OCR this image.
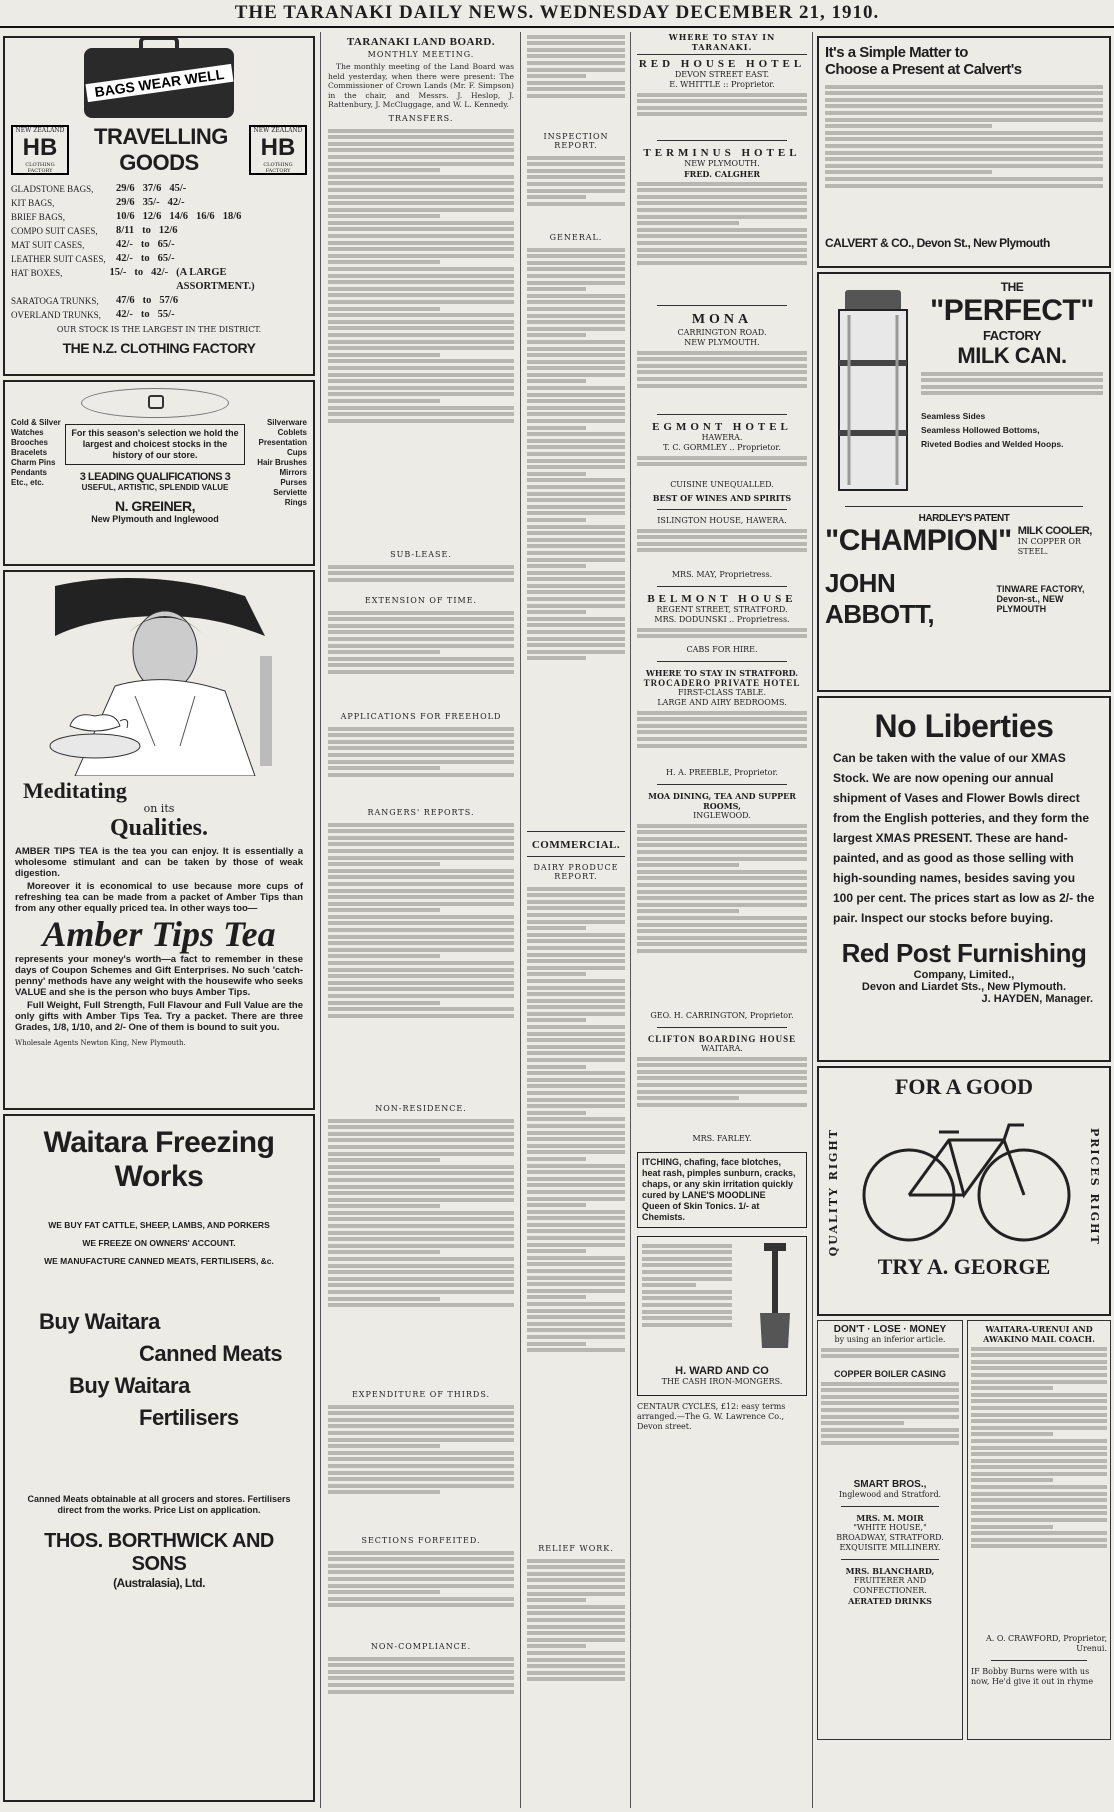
THE TARANAKI DAILY NEWS. WEDNESDAY DECEMBER 21, 1910.
BAGS WEAR WELL
NEW ZEALAND
HB
CLOTHING FACTORY
TRAVELLING GOODS
NEW ZEALAND
HB
CLOTHING FACTORY
GLADSTONE BAGS,	29/6 37/6 45/-
KIT BAGS,	29/6 35/- 42/-
BRIEF BAGS,	10/6 12/6 14/6 16/6 18/6
COMPO SUIT CASES,	8/11 to 12/6
MAT SUIT CASES,	42/- to 65/-
LEATHER SUIT CASES, 42/- to 65/-
HAT BOXES,	15/- to 42/- (A LARGE ASSORTMENT.)
SARATOGA TRUNKS,	47/6 to 57/6
OVERLAND TRUNKS,	42/- to 55/-
OUR STOCK IS THE LARGEST IN THE DISTRICT.
THE N.Z. CLOTHING FACTORY
Cold & Silver
Watches
Brooches
Bracelets
Charm Pins
Pendants
Etc., etc.
For this season's selection we hold the largest and choicest stocks in the history of our store.
3 LEADING QUALIFICATIONS 3
USEFUL, ARTISTIC, SPLENDID VALUE
N. GREINER,
New Plymouth and Inglewood
Silverware
Coblets
Presentation
Cups
Hair Brushes
Mirrors
Purses
Serviette
Rings
Meditating
on its
Qualities.
AMBER TIPS TEA is the tea you can enjoy. It is essentially a wholesome stimulant and can be taken by those of weak digestion.
Moreover it is economical to use because more cups of refreshing tea can be made from a packet of Amber Tips than from any other equally priced tea. In other ways too—
Amber Tips Tea
represents your money's worth—a fact to remember in these days of Coupon Schemes and Gift Enterprises. No such 'catch-penny' methods have any weight with the housewife who seeks VALUE and she is the person who buys Amber Tips.
Full Weight, Full Strength, Full Flavour and Full Value are the only gifts with Amber Tips Tea. Try a packet. There are three Grades, 1/8, 1/10, and 2/- One of them is bound to suit you.
Wholesale Agents Newton King, New Plymouth.
Waitara Freezing
Works
WE BUY FAT CATTLE, SHEEP, LAMBS, AND PORKERS
WE FREEZE ON OWNERS' ACCOUNT.
WE MANUFACTURE CANNED MEATS, FERTILISERS, &c.
Buy Waitara
Canned Meats
Buy Waitara
Fertilisers
Canned Meats obtainable at all grocers and stores. Fertilisers direct from the works. Price List on application.
THOS. BORTHWICK AND SONS
(Australasia), Ltd.
TARANAKI LAND BOARD.
MONTHLY MEETING.
The monthly meeting of the Land Board was held yesterday, when there were present: The Commissioner of Crown Lands (Mr. F. Simpson) in the chair, and Messrs. J. Heslop, J. Rattenbury, J. McCluggage, and W. L. Kennedy.
TRANSFERS.
SUB-LEASE.
EXTENSION OF TIME.
APPLICATIONS FOR FREEHOLD
RANGERS' REPORTS.
NON-RESIDENCE.
EXPENDITURE OF THIRDS.
SECTIONS FORFEITED.
NON-COMPLIANCE.
INSPECTION REPORT.
GENERAL.
COMMERCIAL.
DAIRY PRODUCE REPORT.
RELIEF WORK.
WHERE TO STAY IN TARANAKI.
RED HOUSE HOTEL
DEVON STREET EAST.
E. WHITTLE :: Proprietor.
TERMINUS HOTEL
NEW PLYMOUTH.
FRED. CALGHER
MONA
CARRINGTON ROAD.
NEW PLYMOUTH.
EGMONT HOTEL
HAWERA.
T. C. GORMLEY .. Proprietor.
CUISINE UNEQUALLED.
BEST OF WINES AND SPIRITS
ISLINGTON HOUSE, HAWERA.
MRS. MAY, Proprietress.
BELMONT HOUSE
REGENT STREET, STRATFORD.
MRS. DODUNSKI .. Proprietress.
CABS FOR HIRE.
WHERE TO STAY IN STRATFORD.
TROCADERO PRIVATE HOTEL
FIRST-CLASS TABLE.
LARGE AND AIRY BEDROOMS.
H. A. PREEBLE, Proprietor.
MOA DINING, TEA AND SUPPER ROOMS,
INGLEWOOD.
GEO. H. CARRINGTON, Proprietor.
CLIFTON BOARDING HOUSE
WAITARA.
MRS. FARLEY.
ITCHING, chafing, face blotches, heat rash, pimples sunburn, cracks, chaps, or any skin irritation quickly cured by LANE'S MOODLINE
Queen of Skin Tonics. 1/- at Chemists.
H. WARD AND CO
THE CASH IRON-MONGERS.
CENTAUR CYCLES, £12: easy terms arranged.—The G. W. Lawrence Co., Devon street.
It's a Simple Matter to
Choose a Present at Calvert's
CALVERT & CO., Devon St., New Plymouth
THE
"PERFECT"
FACTORY
MILK CAN.
Seamless Sides
Seamless Hollowed Bottoms,
Riveted Bodies and Welded Hoops.
HARDLEY'S PATENT
"CHAMPION" MILK COOLER,
IN COPPER OR STEEL.
JOHN ABBOTT,
TINWARE FACTORY,
Devon-st., NEW PLYMOUTH
No Liberties
Can be taken with the value of our XMAS Stock. We are now opening our annual shipment of Vases and Flower Bowls direct from the English potteries, and they form the largest XMAS PRESENT. These are hand-painted, and as good as those selling with high-sounding names, besides saving you 100 per cent. The prices start as low as 2/- the pair. Inspect our stocks before buying.
Red Post Furnishing
Company, Limited.,
Devon and Liardet Sts., New Plymouth.
J. HAYDEN, Manager.
FOR A GOOD
QUALITY RIGHT	PRICES RIGHT
TRY A. GEORGE
DON'T · LOSE · MONEY
by using an inferior article.
COPPER BOILER CASING
SMART BROS.,
Inglewood and Stratford.
MRS. M. MOIR
"WHITE HOUSE,"
BROADWAY, STRATFORD.
EXQUISITE MILLINERY.
MRS. BLANCHARD,
FRUITERER AND CONFECTIONER.
AERATED DRINKS
WAITARA-URENUI AND AWAKINO MAIL COACH.
A. O. CRAWFORD, Proprietor, Urenui.
IF Bobby Burns were with us now, He'd give it out in rhyme
